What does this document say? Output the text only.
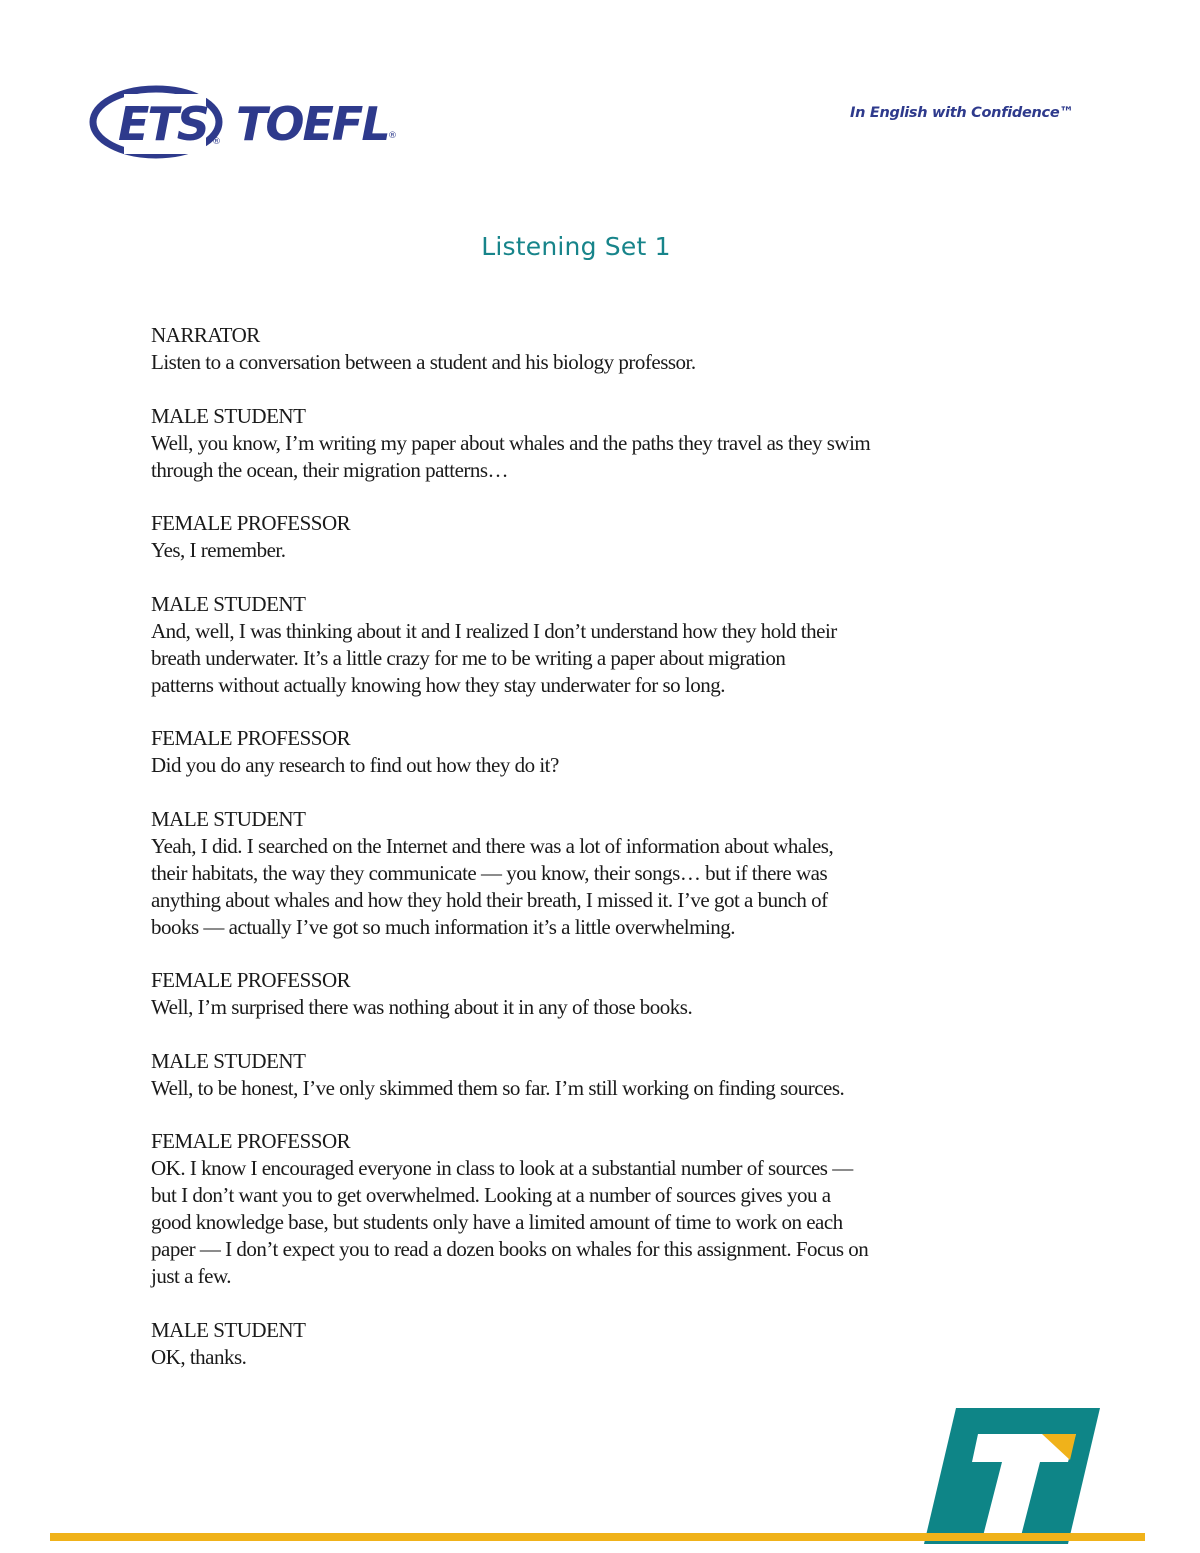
ETS ® TOEFL ®
In English with Confidence™
Listening Set 1
NARRATOR
Listen to a conversation between a student and his biology professor.
MALE STUDENT
Well, you know, I’m writing my paper about whales and the paths they travel as they swim
through the ocean, their migration patterns…
FEMALE PROFESSOR
Yes, I remember.
MALE STUDENT
And, well, I was thinking about it and I realized I don’t understand how they hold their
breath underwater. It’s a little crazy for me to be writing a paper about migration
patterns without actually knowing how they stay underwater for so long.
FEMALE PROFESSOR
Did you do any research to find out how they do it?
MALE STUDENT
Yeah, I did. I searched on the Internet and there was a lot of information about whales,
their habitats, the way they communicate — you know, their songs… but if there was
anything about whales and how they hold their breath, I missed it. I’ve got a bunch of
books — actually I’ve got so much information it’s a little overwhelming.
FEMALE PROFESSOR
Well, I’m surprised there was nothing about it in any of those books.
MALE STUDENT
Well, to be honest, I’ve only skimmed them so far. I’m still working on finding sources.
FEMALE PROFESSOR
OK. I know I encouraged everyone in class to look at a substantial number of sources —
but I don’t want you to get overwhelmed. Looking at a number of sources gives you a
good knowledge base, but students only have a limited amount of time to work on each
paper — I don’t expect you to read a dozen books on whales for this assignment. Focus on
just a few.
MALE STUDENT
OK, thanks.
